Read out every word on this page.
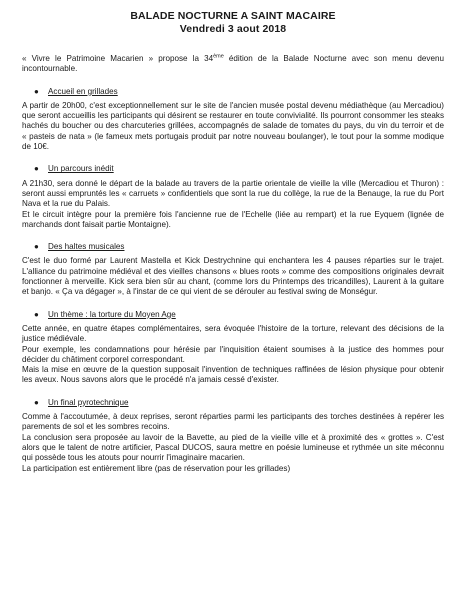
BALADE NOCTURNE A SAINT MACAIRE
Vendredi 3 aout 2018
« Vivre le Patrimoine Macarien » propose la 34ème édition de la Balade Nocturne avec son menu devenu incontournable.
●	Accueil en grillades

A partir de 20h00, c'est exceptionnellement sur le site de l'ancien musée postal devenu médiathèque (au Mercadiou) que seront accueillis les participants qui désirent se restaurer en toute convivialité. Ils pourront consommer les steaks hachés du boucher ou des charcuteries grillées, accompagnés de salade de tomates du pays, du vin du terroir et de « pasteis de nata » (le fameux mets portugais produit par notre nouveau boulanger), le tout pour la somme modique de 10€.

●	Un parcours inédit

A 21h30, sera donné le départ de la balade au travers de la partie orientale de vieille la ville (Mercadiou et Thuron) : seront aussi empruntés les « carruets » confidentiels que sont la rue du collège, la rue de la Benauge, la rue du Port Nava et la rue du Palais.

Et le circuit intègre pour la première fois l'ancienne rue de l'Echelle (liée au rempart) et la rue Eyquem (lignée de marchands dont faisait partie Montaigne).

●	Des haltes musicales

C'est le duo formé par Laurent Mastella et Kick Destrychnine qui enchantera les 4 pauses réparties sur le trajet. L'alliance du patrimoine médiéval et des vieilles chansons « blues roots » comme des compositions originales devrait fonctionner à merveille. Kick sera bien sûr au chant, (comme lors du Printemps des tricandilles), Laurent à la guitare et banjo. « Ça va dégager », à l'instar de ce qui vient de se dérouler au festival swing de Monségur.

●	Un thème : la torture du Moyen Age

Cette année, en quatre étapes complémentaires, sera évoquée l'histoire de la torture, relevant des décisions de la justice médiévale.

Pour exemple, les condamnations pour hérésie par l'inquisition étaient soumises à la justice des hommes pour décider du châtiment corporel correspondant.

Mais la mise en œuvre de la question supposait l'invention de techniques raffinées de lésion physique pour obtenir les aveux. Nous savons alors que le procédé n'a jamais cessé d'exister.

●	Un final pyrotechnique

Comme à l'accoutumée, à deux reprises, seront réparties parmi les participants des torches destinées à repérer les parements de sol et les sombres recoins.

La conclusion sera proposée au lavoir de la Bavette, au pied de la vieille ville et à proximité des « grottes ». C'est alors que le talent de notre artificier, Pascal DUCOS, saura mettre en poésie lumineuse et rythmée un site méconnu qui possède tous les atouts pour nourrir l'imaginaire macarien.

La participation est entièrement libre (pas de réservation pour les grillades)
